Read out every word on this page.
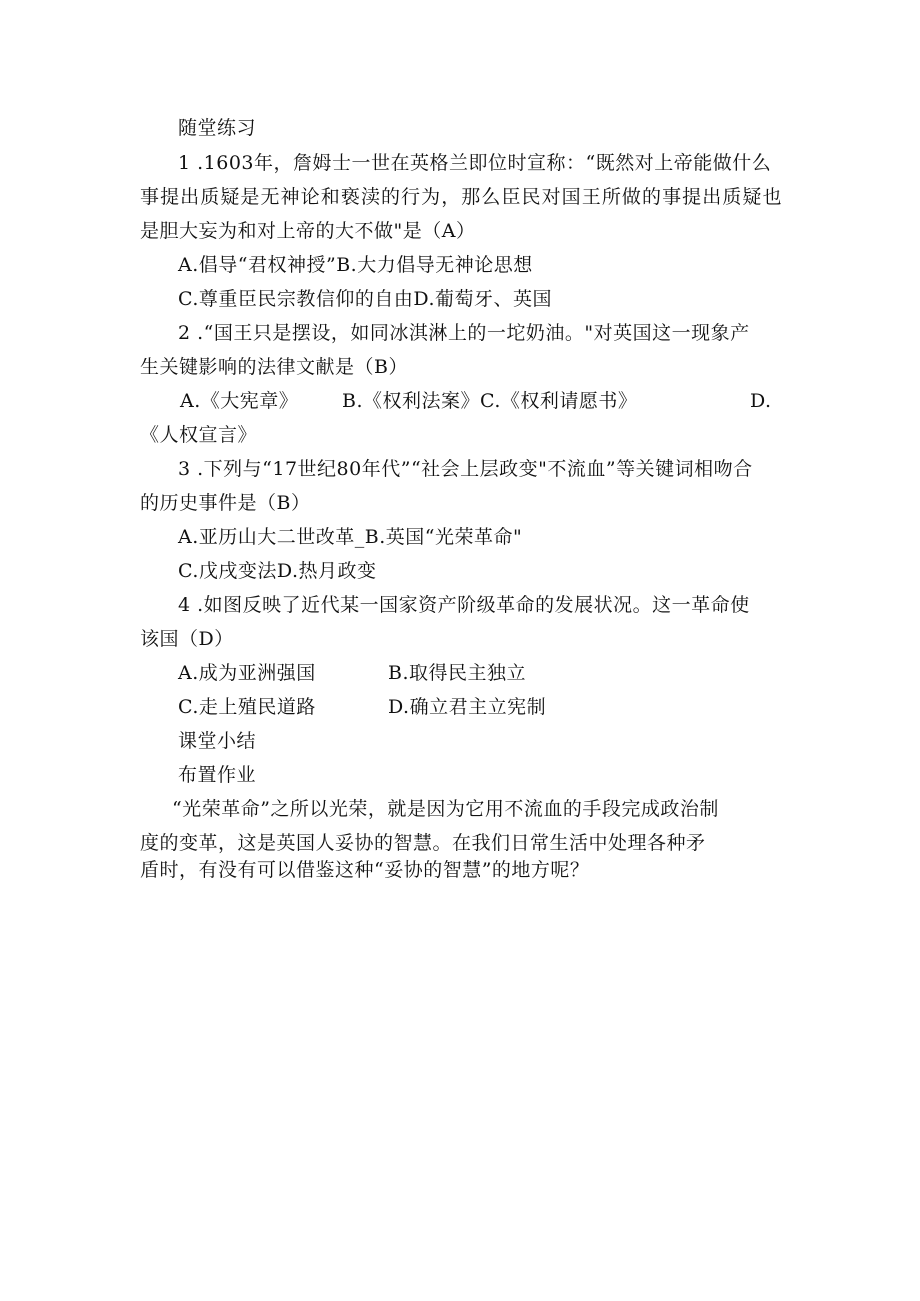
随堂练习
1 .1603年，詹姆士一世在英格兰即位时宣称：“既然对上帝能做什么
事提出质疑是无神论和亵渎的行为，那么臣民对国王所做的事提出质疑也
是胆大妄为和对上帝的大不做"是（A）
A.倡导“君权神授”B.大力倡导无神论思想
C.尊重臣民宗教信仰的自由D.葡萄牙、英国
2 .“国王只是摆设，如同冰淇淋上的一坨奶油。"对英国这一现象产
生关键影响的法律文献是（B）
A.《大宪章》 B.《权利法案》C.《权利请愿书》	D.
《人权宣言》
3 .下列与“17世纪80年代”“社会上层政变"不流血”等关键词相吻合
的历史事件是（B）
A.亚历山大二世改革_B.英国“光荣革命"
C.戊戌变法D.热月政变
4 .如图反映了近代某一国家资产阶级革命的发展状况。这一革命使
该国（D）
A.成为亚洲强国	B.取得民主独立
C.走上殖民道路	D.确立君主立宪制
课堂小结
布置作业
“光荣革命”之所以光荣，就是因为它用不流血的手段完成政治制
度的变革，这是英国人妥协的智慧。在我们日常生活中处理各种矛
盾时，有没有可以借鉴这种“妥协的智慧”的地方呢？
